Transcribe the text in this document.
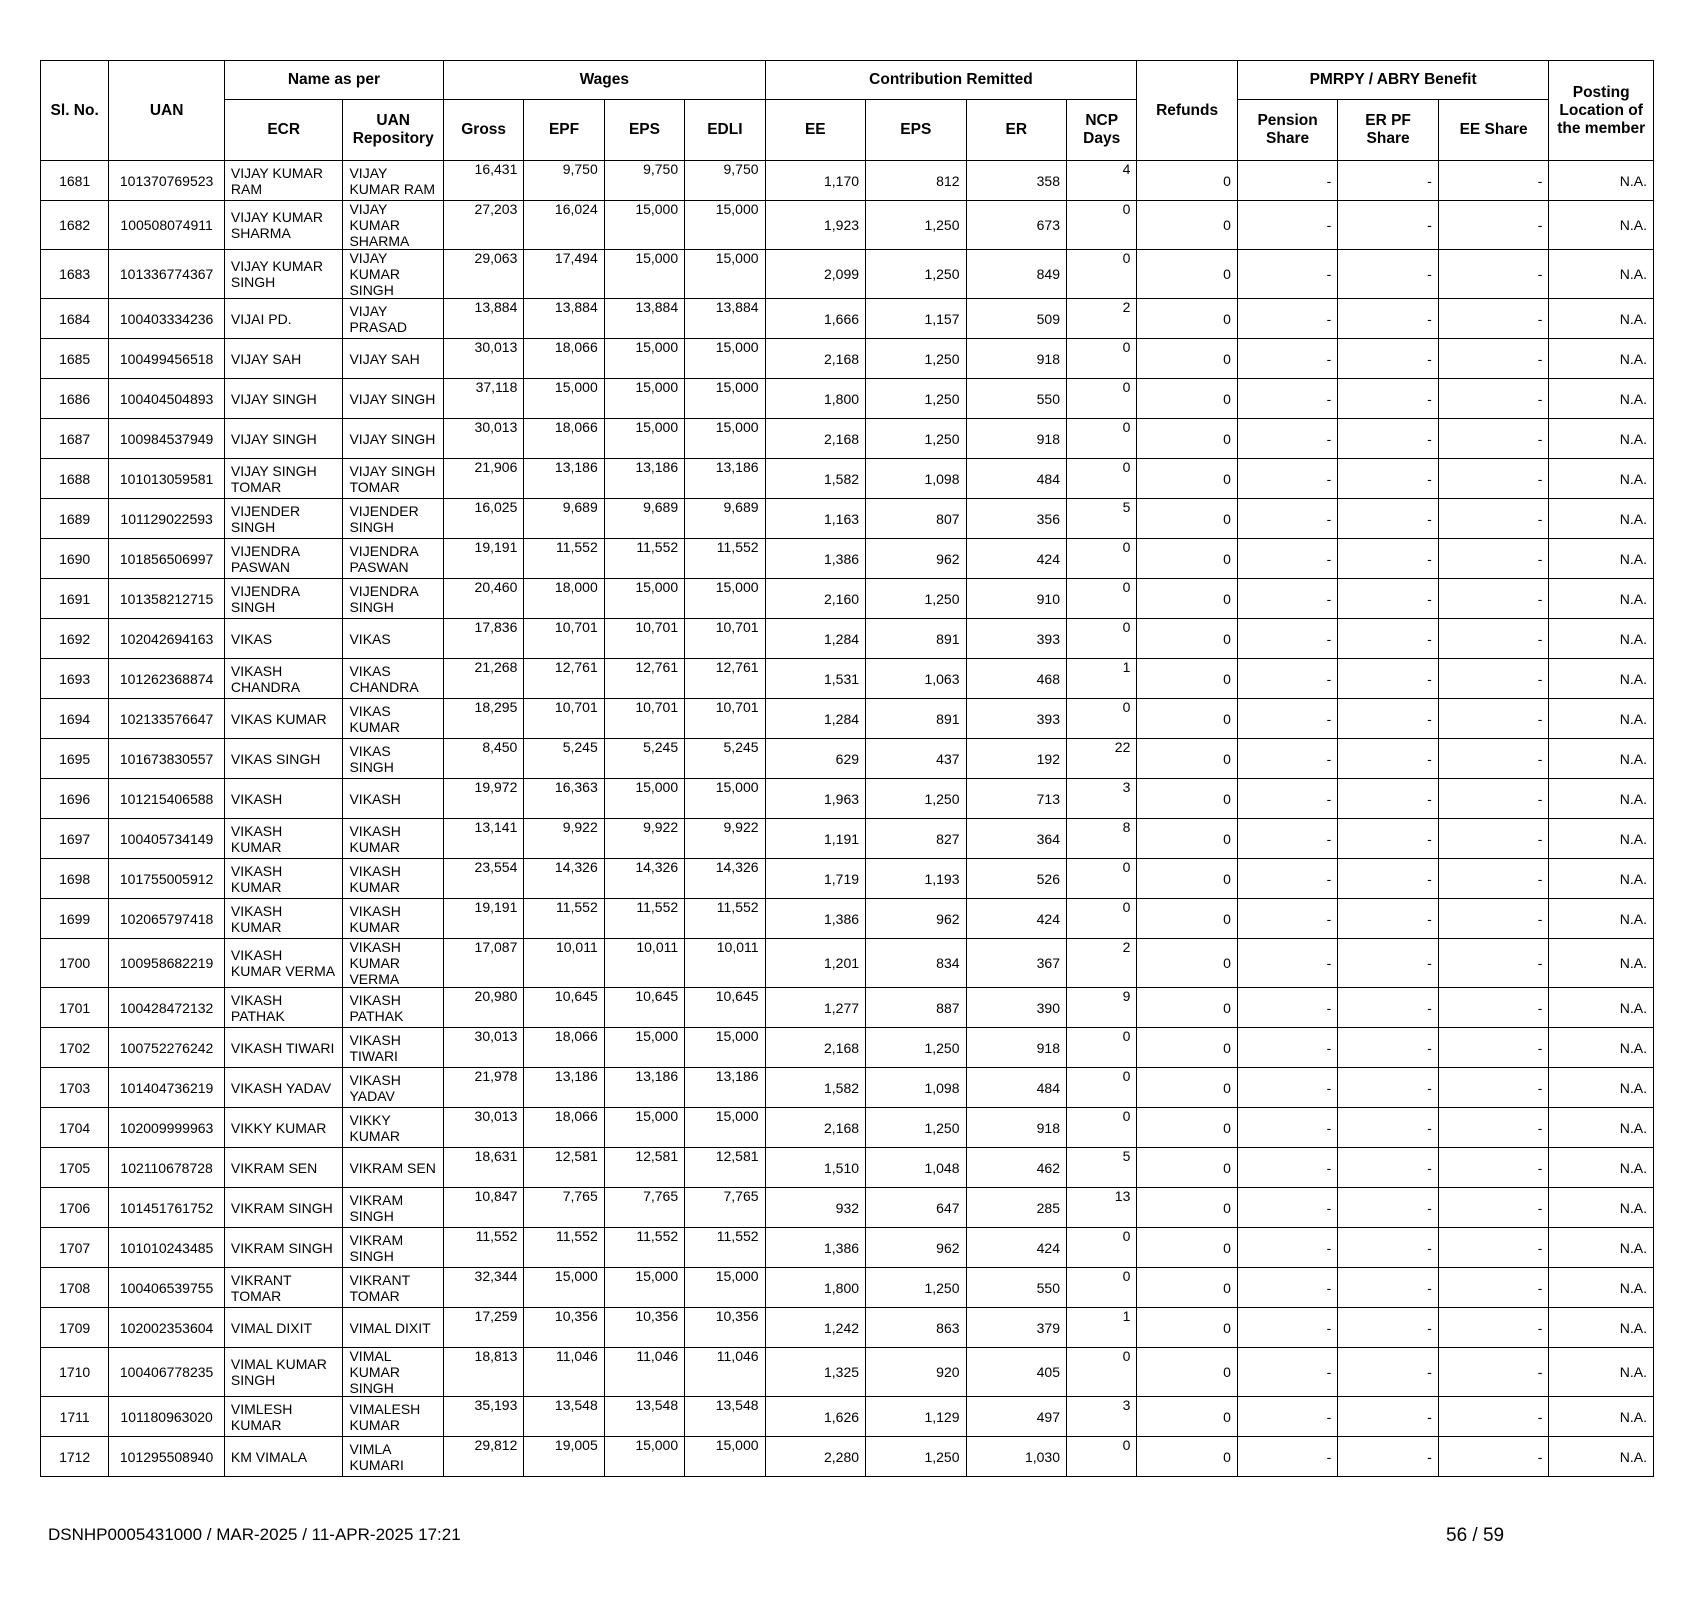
Sl. No.	UAN	Name as per		Wages				Contribution Remitted				Refunds	PMRPY / ABRY Benefit			Posting Location of the member
		ECR	UAN Repository	Gross	EPF	EPS	EDLI	EE	EPS	ER	NCP Days		Pension Share	ER PF Share	EE Share	
1681	101370769523	VIJAY KUMAR RAM	VIJAY KUMAR RAM	16,431	9,750	9,750	9,750	1,170	812	358	4	0	-	-	-	N.A.
1682	100508074911	VIJAY KUMAR SHARMA	VIJAY KUMAR SHARMA	27,203	16,024	15,000	15,000	1,923	1,250	673	0	0	-	-	-	N.A.
1683	101336774367	VIJAY KUMAR SINGH	VIJAY KUMAR SINGH	29,063	17,494	15,000	15,000	2,099	1,250	849	0	0	-	-	-	N.A.
1684	100403334236	VIJAI PD.	VIJAY PRASAD	13,884	13,884	13,884	13,884	1,666	1,157	509	2	0	-	-	-	N.A.
1685	100499456518	VIJAY SAH	VIJAY SAH	30,013	18,066	15,000	15,000	2,168	1,250	918	0	0	-	-	-	N.A.
1686	100404504893	VIJAY SINGH	VIJAY SINGH	37,118	15,000	15,000	15,000	1,800	1,250	550	0	0	-	-	-	N.A.
1687	100984537949	VIJAY SINGH	VIJAY SINGH	30,013	18,066	15,000	15,000	2,168	1,250	918	0	0	-	-	-	N.A.
1688	101013059581	VIJAY SINGH TOMAR	VIJAY SINGH TOMAR	21,906	13,186	13,186	13,186	1,582	1,098	484	0	0	-	-	-	N.A.
1689	101129022593	VIJENDER SINGH	VIJENDER SINGH	16,025	9,689	9,689	9,689	1,163	807	356	5	0	-	-	-	N.A.
1690	101856506997	VIJENDRA PASWAN	VIJENDRA PASWAN	19,191	11,552	11,552	11,552	1,386	962	424	0	0	-	-	-	N.A.
1691	101358212715	VIJENDRA SINGH	VIJENDRA SINGH	20,460	18,000	15,000	15,000	2,160	1,250	910	0	0	-	-	-	N.A.
1692	102042694163	VIKAS	VIKAS	17,836	10,701	10,701	10,701	1,284	891	393	0	0	-	-	-	N.A.
1693	101262368874	VIKASH CHANDRA	VIKAS CHANDRA	21,268	12,761	12,761	12,761	1,531	1,063	468	1	0	-	-	-	N.A.
1694	102133576647	VIKAS KUMAR	VIKAS KUMAR	18,295	10,701	10,701	10,701	1,284	891	393	0	0	-	-	-	N.A.
1695	101673830557	VIKAS SINGH	VIKAS SINGH	8,450	5,245	5,245	5,245	629	437	192	22	0	-	-	-	N.A.
1696	101215406588	VIKASH	VIKASH	19,972	16,363	15,000	15,000	1,963	1,250	713	3	0	-	-	-	N.A.
1697	100405734149	VIKASH KUMAR	VIKASH KUMAR	13,141	9,922	9,922	9,922	1,191	827	364	8	0	-	-	-	N.A.
1698	101755005912	VIKASH KUMAR	VIKASH KUMAR	23,554	14,326	14,326	14,326	1,719	1,193	526	0	0	-	-	-	N.A.
1699	102065797418	VIKASH KUMAR	VIKASH KUMAR	19,191	11,552	11,552	11,552	1,386	962	424	0	0	-	-	-	N.A.
1700	100958682219	VIKASH KUMAR VERMA	VIKASH KUMAR VERMA	17,087	10,011	10,011	10,011	1,201	834	367	2	0	-	-	-	N.A.
1701	100428472132	VIKASH PATHAK	VIKASH PATHAK	20,980	10,645	10,645	10,645	1,277	887	390	9	0	-	-	-	N.A.
1702	100752276242	VIKASH TIWARI	VIKASH TIWARI	30,013	18,066	15,000	15,000	2,168	1,250	918	0	0	-	-	-	N.A.
1703	101404736219	VIKASH YADAV	VIKASH YADAV	21,978	13,186	13,186	13,186	1,582	1,098	484	0	0	-	-	-	N.A.
1704	102009999963	VIKKY KUMAR	VIKKY KUMAR	30,013	18,066	15,000	15,000	2,168	1,250	918	0	0	-	-	-	N.A.
1705	102110678728	VIKRAM SEN	VIKRAM SEN	18,631	12,581	12,581	12,581	1,510	1,048	462	5	0	-	-	-	N.A.
1706	101451761752	VIKRAM SINGH	VIKRAM SINGH	10,847	7,765	7,765	7,765	932	647	285	13	0	-	-	-	N.A.
1707	101010243485	VIKRAM SINGH	VIKRAM SINGH	11,552	11,552	11,552	11,552	1,386	962	424	0	0	-	-	-	N.A.
1708	100406539755	VIKRANT TOMAR	VIKRANT TOMAR	32,344	15,000	15,000	15,000	1,800	1,250	550	0	0	-	-	-	N.A.
1709	102002353604	VIMAL DIXIT	VIMAL DIXIT	17,259	10,356	10,356	10,356	1,242	863	379	1	0	-	-	-	N.A.
1710	100406778235	VIMAL KUMAR SINGH	VIMAL KUMAR SINGH	18,813	11,046	11,046	11,046	1,325	920	405	0	0	-	-	-	N.A.
1711	101180963020	VIMLESH KUMAR	VIMALESH KUMAR	35,193	13,548	13,548	13,548	1,626	1,129	497	3	0	-	-	-	N.A.
1712	101295508940	KM VIMALA	VIMLA KUMARI	29,812	19,005	15,000	15,000	2,280	1,250	1,030	0	0	-	-	-	N.A.
DSNHP0005431000 / MAR-2025 / 11-APR-2025 17:21	56 / 59
